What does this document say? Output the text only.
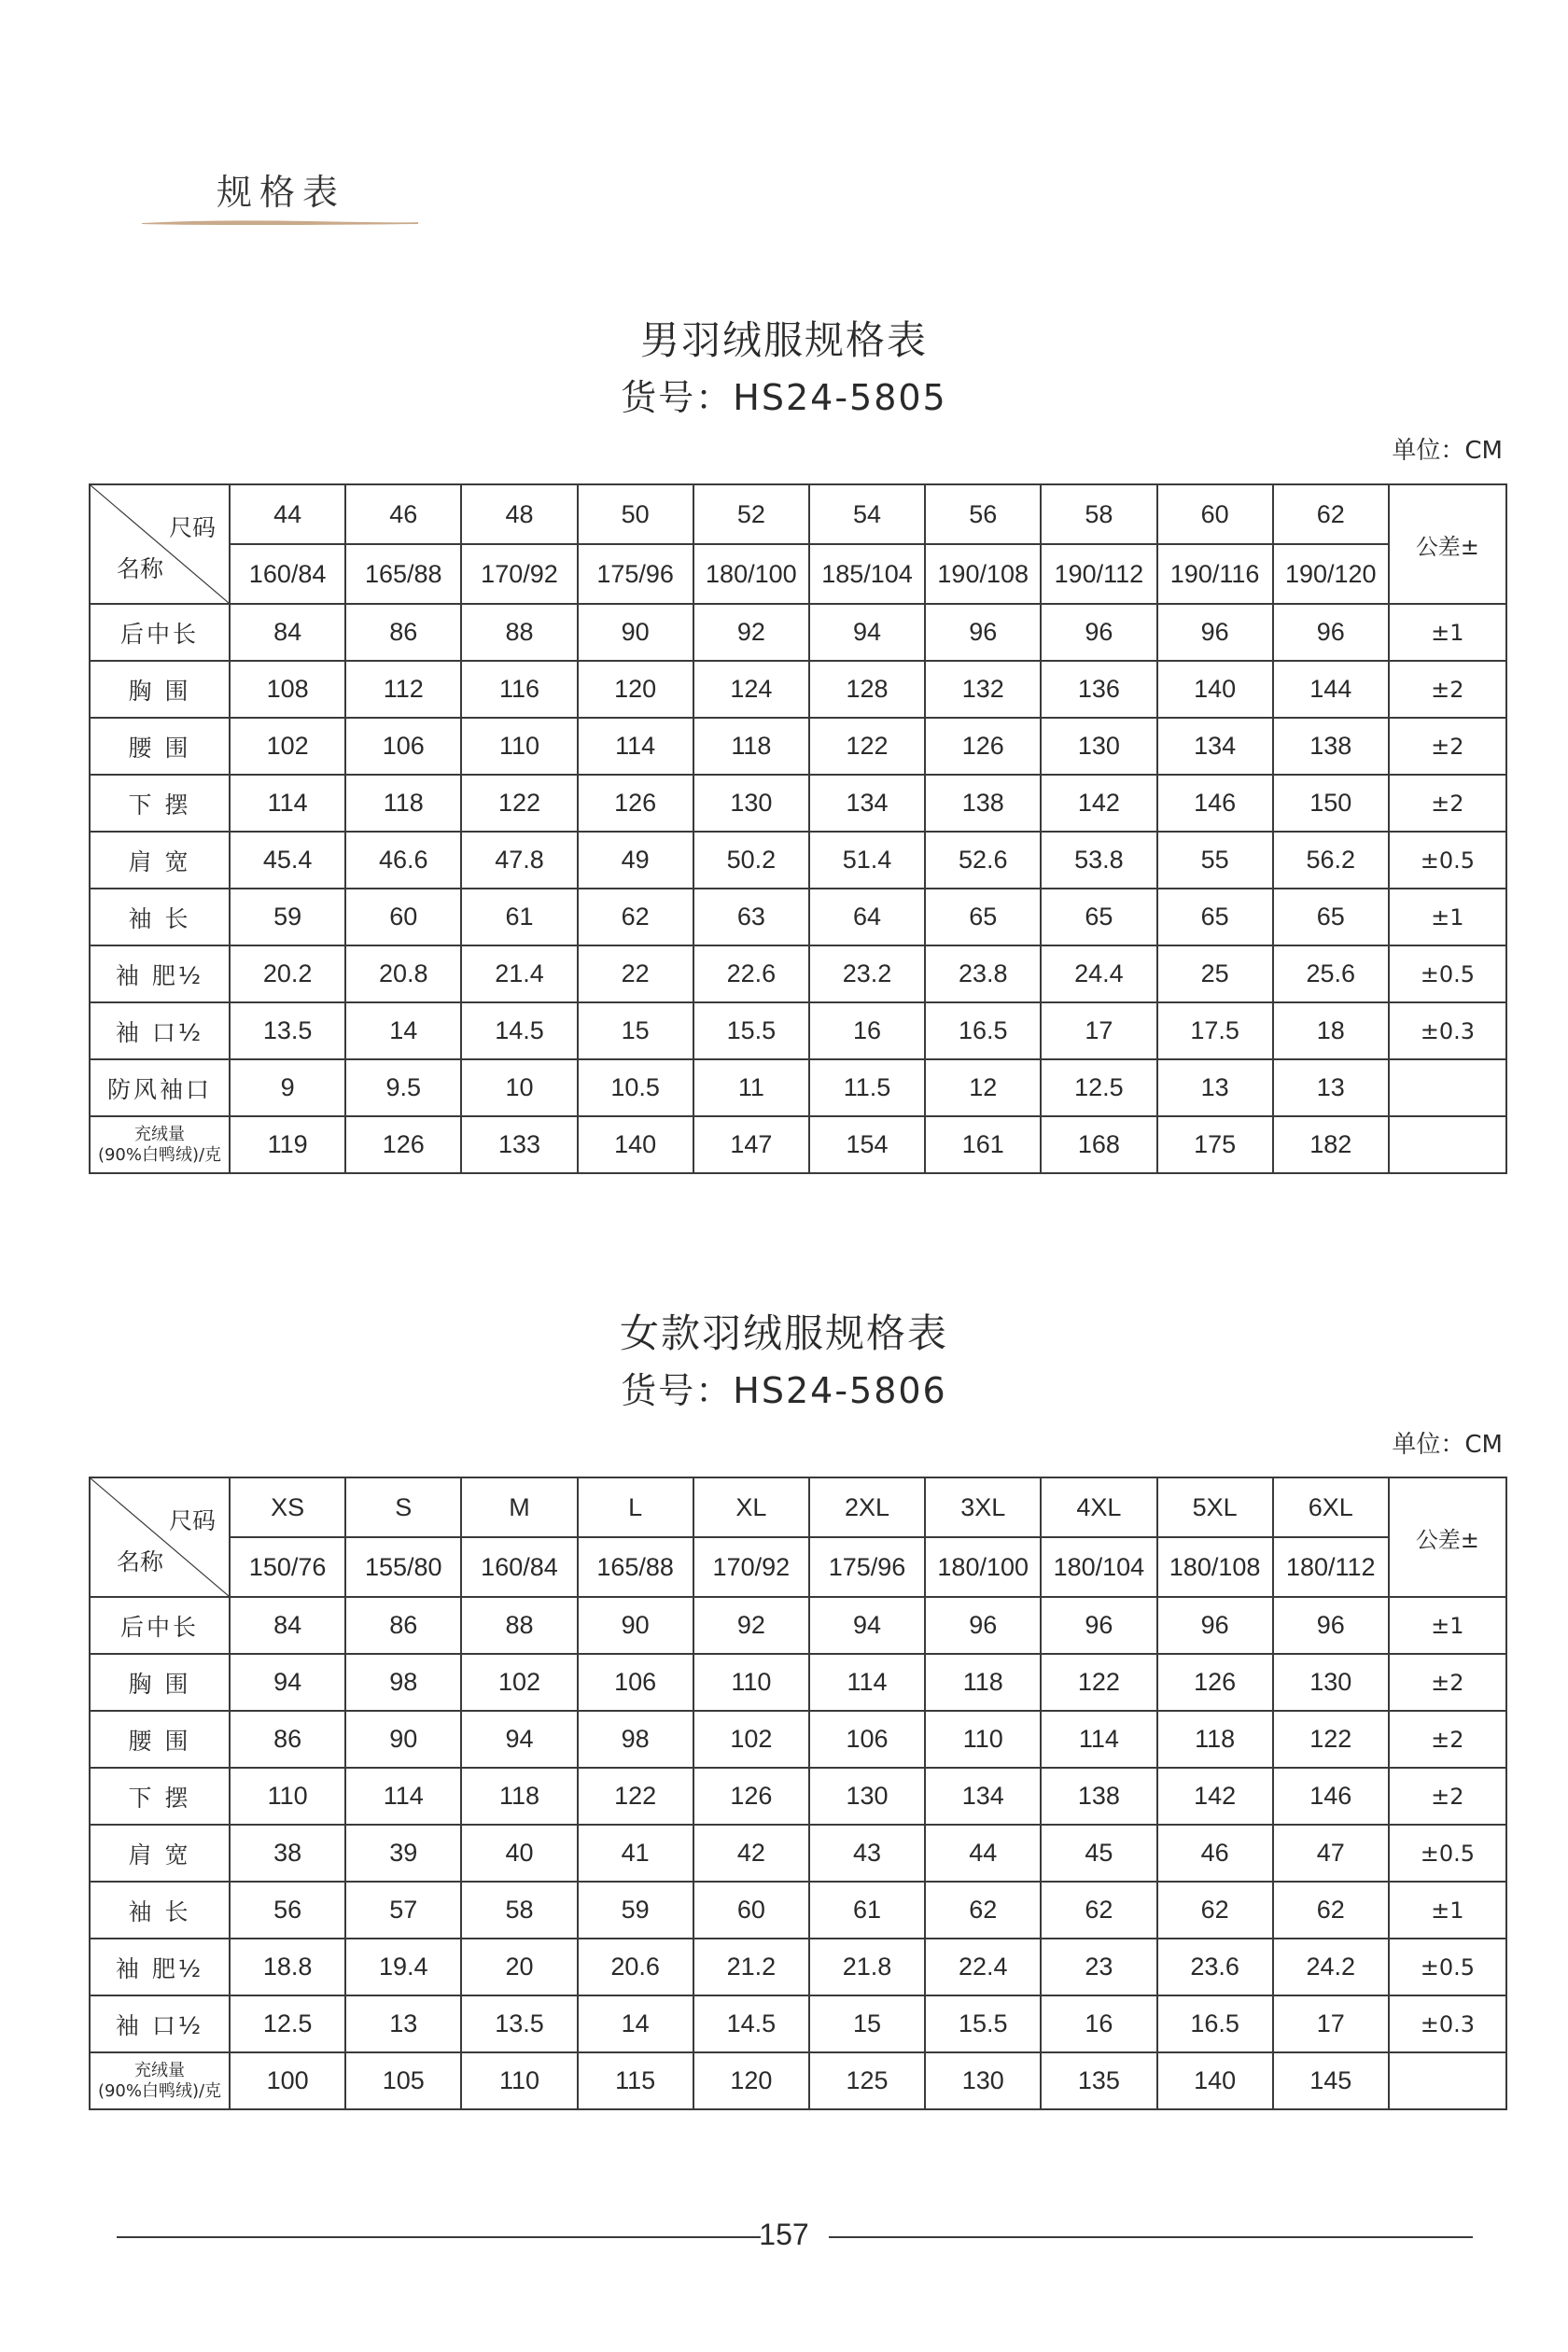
规格表
男羽绒服规格表
货号：HS24-5805
单位：CM
尺码
名称	44	46	48	50	52	54	56	58	60	62	公差±
	160/84	165/88	170/92	175/96	180/100	185/104	190/108	190/112	190/116	190/120	
后中长	84	86	88	90	92	94	96	96	96	96	±1
胸 围	108	112	116	120	124	128	132	136	140	144	±2
腰 围	102	106	110	114	118	122	126	130	134	138	±2
下 摆	114	118	122	126	130	134	138	142	146	150	±2
肩 宽	45.4	46.6	47.8	49	50.2	51.4	52.6	53.8	55	56.2	±0.5
袖 长	59	60	61	62	63	64	65	65	65	65	±1
袖 肥½	20.2	20.8	21.4	22	22.6	23.2	23.8	24.4	25	25.6	±0.5
袖 口½	13.5	14	14.5	15	15.5	16	16.5	17	17.5	18	±0.3
防风袖口	9	9.5	10	10.5	11	11.5	12	12.5	13	13	
充绒量
(90%白鸭绒)/克	119	126	133	140	147	154	161	168	175	182	
女款羽绒服规格表
货号：HS24-5806
单位：CM
尺码
名称	XS	S	M	L	XL	2XL	3XL	4XL	5XL	6XL	公差±
	150/76	155/80	160/84	165/88	170/92	175/96	180/100	180/104	180/108	180/112	
后中长	84	86	88	90	92	94	96	96	96	96	±1
胸 围	94	98	102	106	110	114	118	122	126	130	±2
腰 围	86	90	94	98	102	106	110	114	118	122	±2
下 摆	110	114	118	122	126	130	134	138	142	146	±2
肩 宽	38	39	40	41	42	43	44	45	46	47	±0.5
袖 长	56	57	58	59	60	61	62	62	62	62	±1
袖 肥½	18.8	19.4	20	20.6	21.2	21.8	22.4	23	23.6	24.2	±0.5
袖 口½	12.5	13	13.5	14	14.5	15	15.5	16	16.5	17	±0.3
充绒量
(90%白鸭绒)/克	100	105	110	115	120	125	130	135	140	145	
157
